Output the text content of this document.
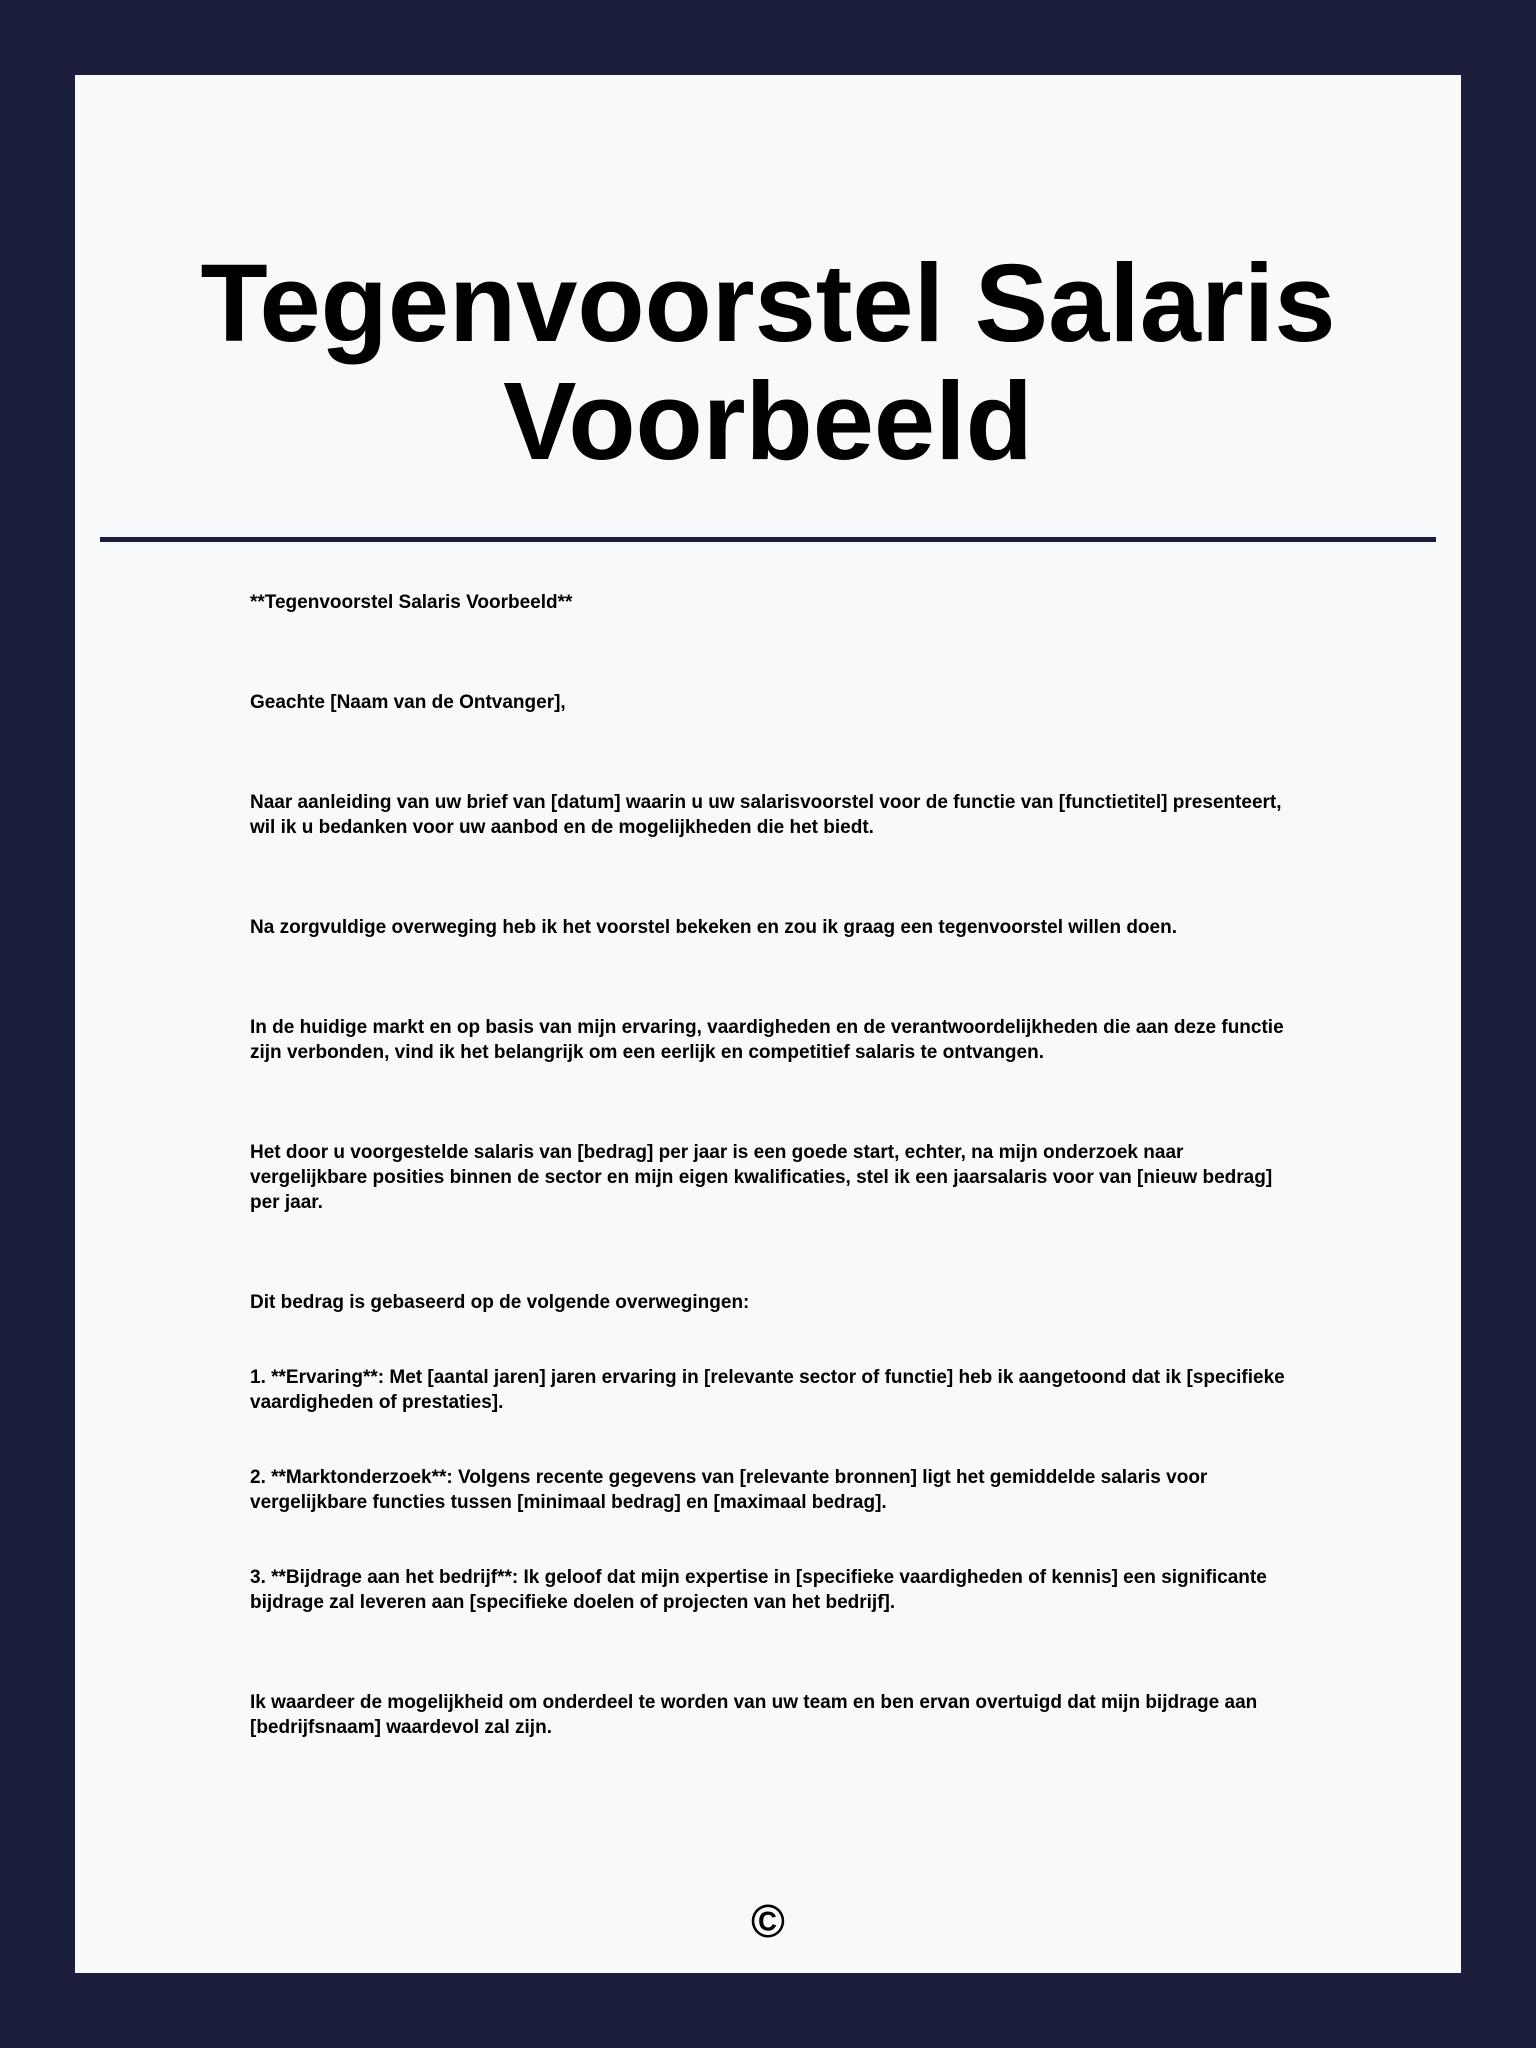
Tegenvoorstel Salaris Voorbeeld

**Tegenvoorstel Salaris Voorbeeld**

Geachte [Naam van de Ontvanger],

Naar aanleiding van uw brief van [datum] waarin u uw salarisvoorstel voor de functie van [functietitel] presenteert, wil ik u bedanken voor uw aanbod en de mogelijkheden die het biedt.

Na zorgvuldige overweging heb ik het voorstel bekeken en zou ik graag een tegenvoorstel willen doen.

In de huidige markt en op basis van mijn ervaring, vaardigheden en de verantwoordelijkheden die aan deze functie zijn verbonden, vind ik het belangrijk om een eerlijk en competitief salaris te ontvangen.

Het door u voorgestelde salaris van [bedrag] per jaar is een goede start, echter, na mijn onderzoek naar vergelijkbare posities binnen de sector en mijn eigen kwalificaties, stel ik een jaarsalaris voor van [nieuw bedrag] per jaar.

Dit bedrag is gebaseerd op de volgende overwegingen:

1. **Ervaring**: Met [aantal jaren] jaren ervaring in [relevante sector of functie] heb ik aangetoond dat ik [specifieke vaardigheden of prestaties].

2. **Marktonderzoek**: Volgens recente gegevens van [relevante bronnen] ligt het gemiddelde salaris voor vergelijkbare functies tussen [minimaal bedrag] en [maximaal bedrag].

3. **Bijdrage aan het bedrijf**: Ik geloof dat mijn expertise in [specifieke vaardigheden of kennis] een significante bijdrage zal leveren aan [specifieke doelen of projecten van het bedrijf].

Ik waardeer de mogelijkheid om onderdeel te worden van uw team en ben ervan overtuigd dat mijn bijdrage aan [bedrijfsnaam] waardevol zal zijn.

©
